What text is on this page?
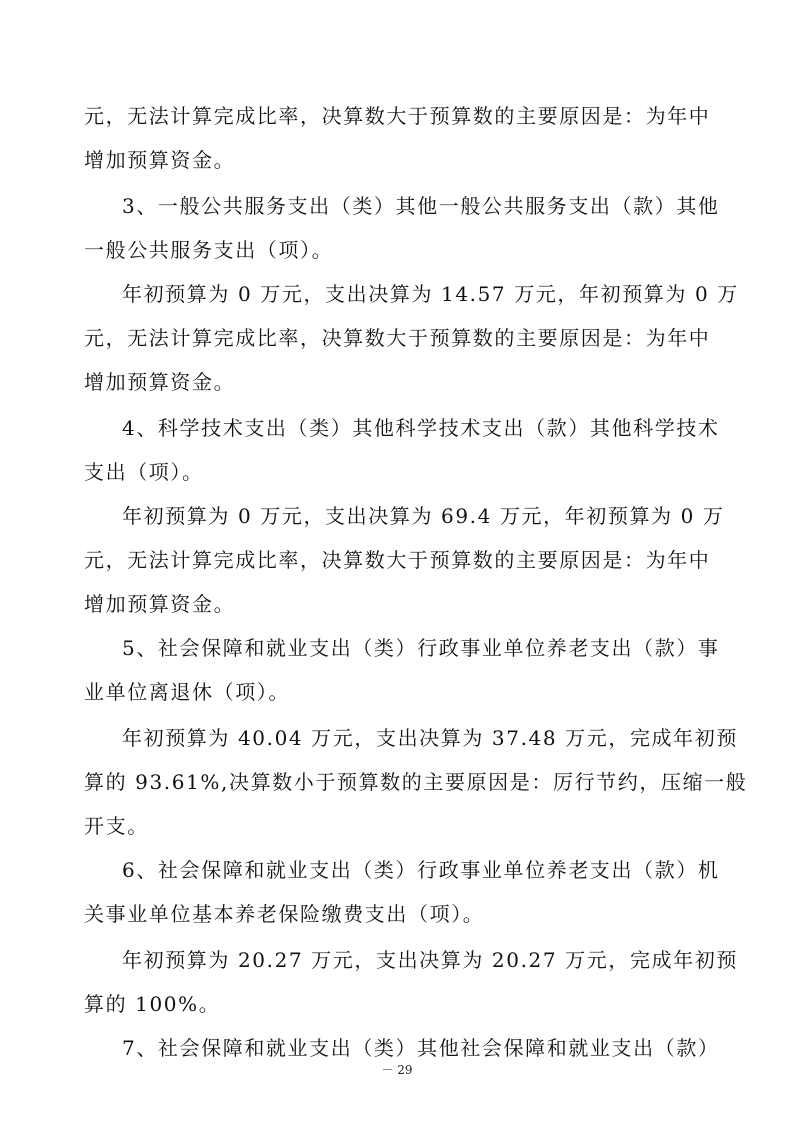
元，无法计算完成比率，决算数大于预算数的主要原因是：为年中
增加预算资金。
3、一般公共服务支出（类）其他一般公共服务支出（款）其他
一般公共服务支出（项）。
年初预算为 0 万元，支出决算为 14.57 万元，年初预算为 0 万
元，无法计算完成比率，决算数大于预算数的主要原因是：为年中
增加预算资金。
4、科学技术支出（类）其他科学技术支出（款）其他科学技术
支出（项）。
年初预算为 0 万元，支出决算为 69.4 万元，年初预算为 0 万
元，无法计算完成比率，决算数大于预算数的主要原因是：为年中
增加预算资金。
5、社会保障和就业支出（类）行政事业单位养老支出（款）事
业单位离退休（项）。
年初预算为 40.04 万元，支出决算为 37.48 万元，完成年初预
算的 93.61%,决算数小于预算数的主要原因是：厉行节约，压缩一般
开支。
6、社会保障和就业支出（类）行政事业单位养老支出（款）机
关事业单位基本养老保险缴费支出（项）。
年初预算为 20.27 万元，支出决算为 20.27 万元，完成年初预
算的 100%。
7、社会保障和就业支出（类）其他社会保障和就业支出（款）
－ 29
